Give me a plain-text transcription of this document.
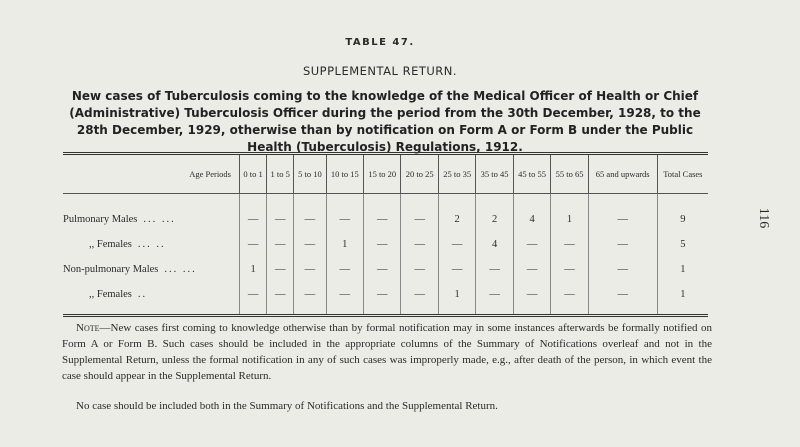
TABLE 47.
SUPPLEMENTAL RETURN.
New cases of Tuberculosis coming to the knowledge of the Medical Officer of Health or Chief (Administrative) Tuberculosis Officer during the period from the 30th December, 1928, to the 28th December, 1929, otherwise than by notification on Form A or Form B under the Public Health (Tuberculosis) Regulations, 1912.
Age Periods	0 to 1	1 to 5	5 to 10	10 to 15	15 to 20	20 to 25	25 to 35	35 to 45	45 to 55	55 to 65	65 and upwards	Total Cases
Pulmonary Males ... ...	—	—	—	—	—	—	2	2	4	1	—	9
,, Females ... ..	—	—	—	1	—	—	—	4	—	—	—	5
Non-pulmonary Males ... ...	1	—	—	—	—	—	—	—	—	—	—	1
,, Females ..	—	—	—	—	—	—	1	—	—	—	—	1
116
Note—New cases first coming to knowledge otherwise than by formal notification may in some instances afterwards be formally notified on Form A or Form B. Such cases should be included in the appropriate columns of the Summary of Notifications overleaf and not in the Supplemental Return, unless the formal notification in any of such cases was improperly made, e.g., after death of the person, in which event the case should appear in the Supplemental Return.
No case should be included both in the Summary of Notifications and the Supplemental Return.
